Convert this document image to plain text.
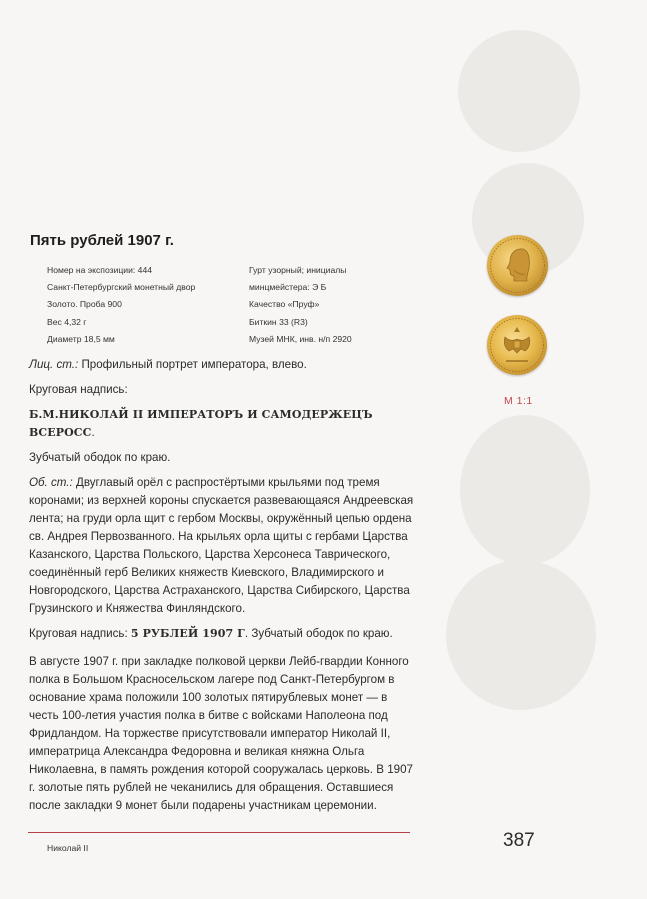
Пять рублей 1907 г.
Номер на экспозиции: 444
Санкт-Петербургский монетный двор
Золото. Проба 900
Вес 4,32 г
Диаметр 18,5 мм
Гурт узорный; инициалы
минцмейстера: Э Б
Качество «Пруф»
Биткин 33 (R3)
Музей МНК, инв. н/п 2920
М 1:1

Лиц. ст.: Профильный портрет императора, влево.

Круговая надпись:

Б.М.НИКОЛАЙ II ИМПЕРАТОРЪ И САМОДЕРЖЕЦЪ ВСЕРОСС.

Зубчатый ободок по краю.

Об. ст.: Двуглавый орёл с распростёртыми крыльями под тремя коронами; из верхней короны спускается развевающаяся Андреевская лента; на груди орла щит с гербом Москвы, окружённый цепью ордена св. Андрея Первозванного. На крыльях орла щиты с гербами Царства Казанского, Царства Польского, Царства Херсонеса Таврического, соединённый герб Великих княжеств Киевского, Владимирского и Новгородского, Царства Астраханского, Царства Сибирского, Царства Грузинского и Княжества Финляндского.

Круговая надпись: 5 РУБЛЕЙ 1907 Г. Зубчатый ободок по краю.

В августе 1907 г. при закладке полковой церкви Лейб-гвардии Конного полка в Большом Красносельском лагере под Санкт-Петербургом в основание храма положили 100 золотых пятирублевых монет — в честь 100-летия участия полка в битве с войсками Наполеона под Фридландом. На торжестве присутствовали император Николай II, императрица Александра Федоровна и великая княжна Ольга Николаевна, в память рождения которой сооружалась церковь. В 1907 г. золотые пять рублей не чеканились для обращения. Оставшиеся после закладки 9 монет были подарены участникам церемонии.

Николай II	387
